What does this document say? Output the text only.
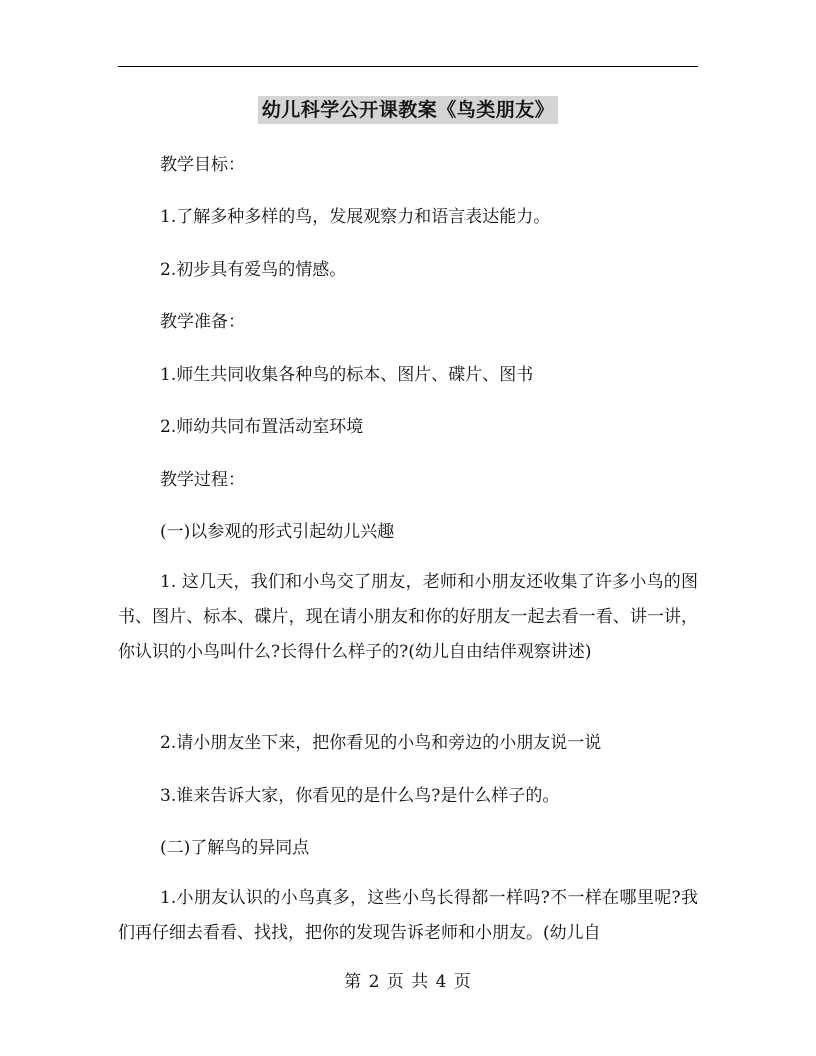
幼儿科学公开课教案《鸟类朋友》
教学目标：
1.了解多种多样的鸟，发展观察力和语言表达能力。
2.初步具有爱鸟的情感。
教学准备：
1.师生共同收集各种鸟的标本、图片、碟片、图书
2.师幼共同布置活动室环境
教学过程：
(一)以参观的形式引起幼儿兴趣
1. 这几天，我们和小鸟交了朋友，老师和小朋友还收集了许多小鸟的图书、图片、标本、碟片，现在请小朋友和你的好朋友一起去看一看、讲一讲，你认识的小鸟叫什么?长得什么样子的?(幼儿自由结伴观察讲述)
2.请小朋友坐下来，把你看见的小鸟和旁边的小朋友说一说
3.谁来告诉大家，你看见的是什么鸟?是什么样子的。
(二)了解鸟的异同点
1.小朋友认识的小鸟真多，这些小鸟长得都一样吗?不一样在哪里呢?我们再仔细去看看、找找，把你的发现告诉老师和小朋友。(幼儿自
第 2 页 共 4 页
